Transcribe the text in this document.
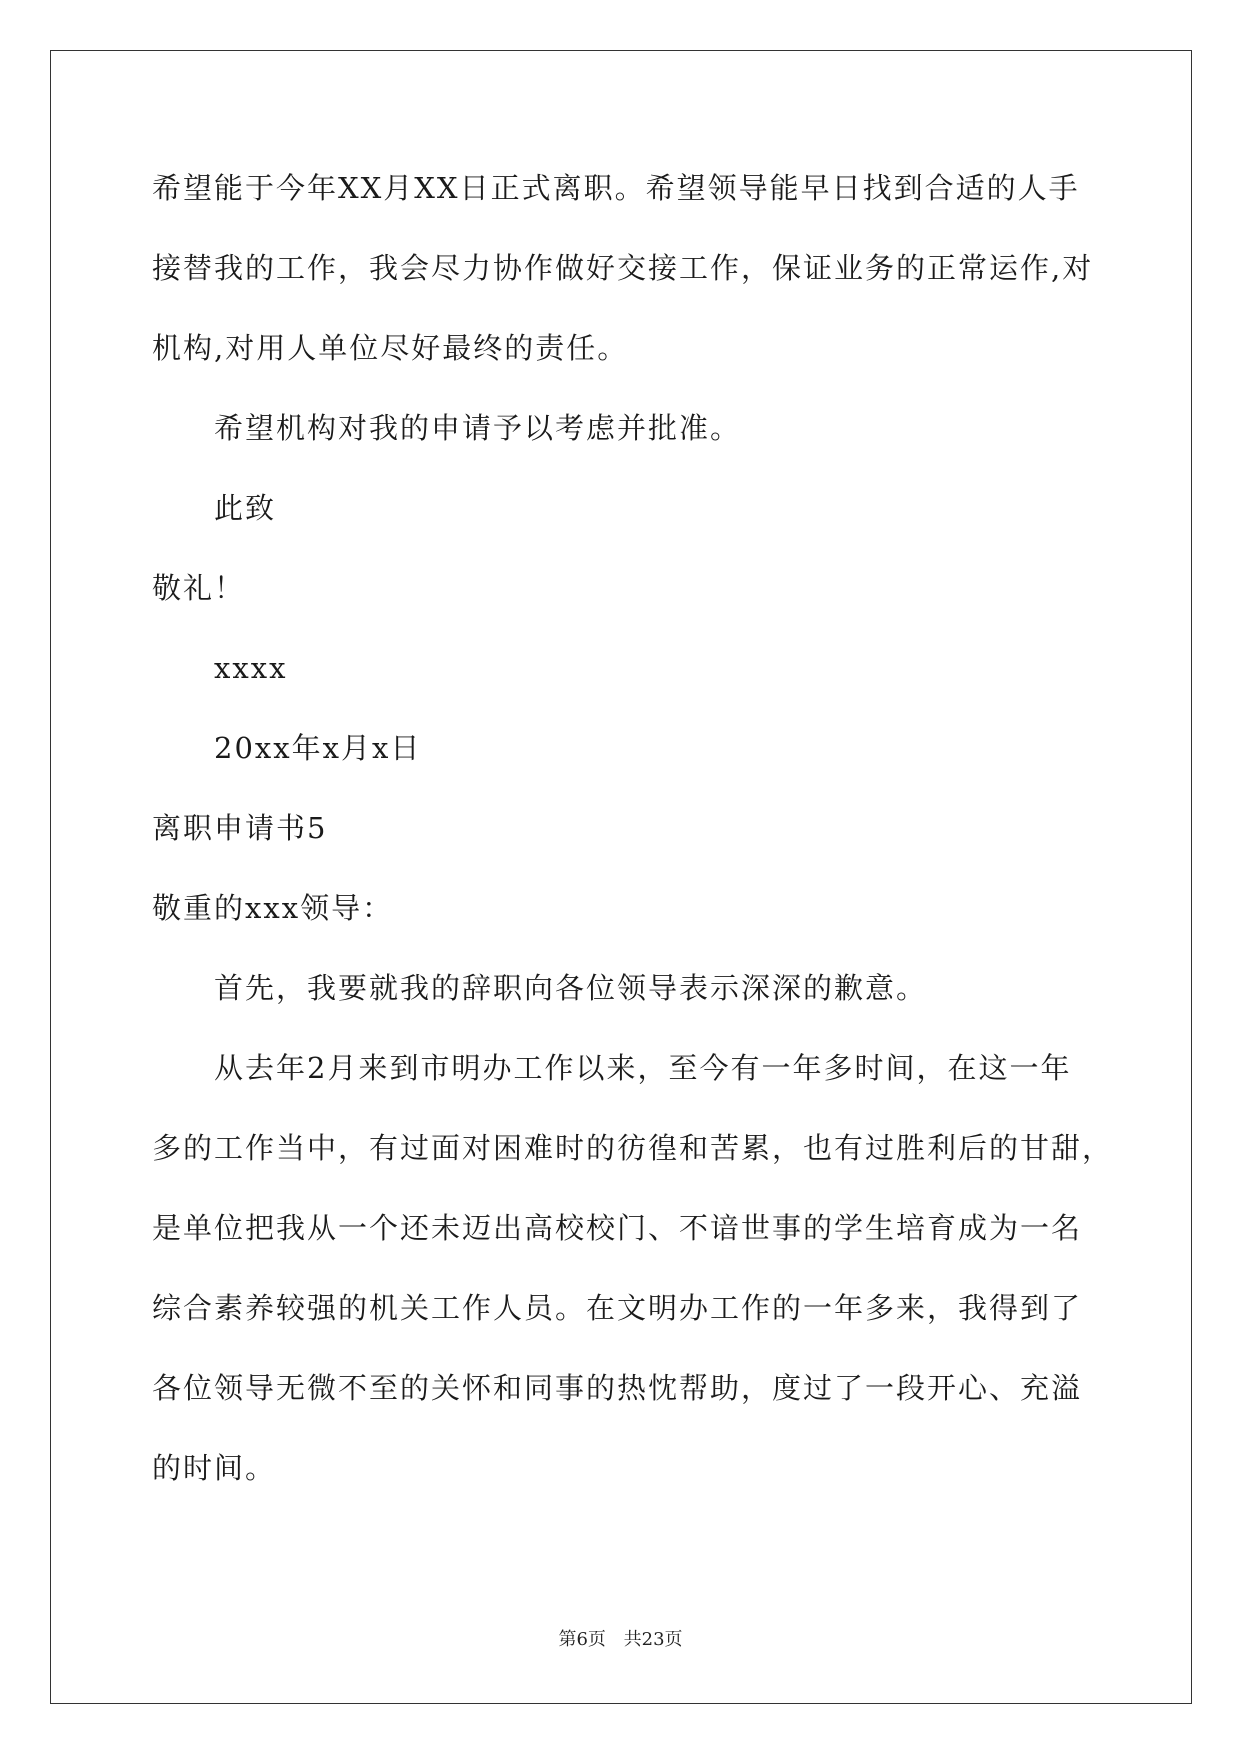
希望能于今年XX月XX日正式离职。希望领导能早日找到合适的人手
接替我的工作，我会尽力协作做好交接工作，保证业务的正常运作,对
机构,对用人单位尽好最终的责任。
希望机构对我的申请予以考虑并批准。
此致
敬礼！
xxxx
20xx年x月x日
离职申请书5
敬重的xxx领导：
首先，我要就我的辞职向各位领导表示深深的歉意。
从去年2月来到市明办工作以来，至今有一年多时间，在这一年
多的工作当中，有过面对困难时的彷徨和苦累，也有过胜利后的甘甜，
是单位把我从一个还未迈出高校校门、不谙世事的学生培育成为一名
综合素养较强的机关工作人员。在文明办工作的一年多来，我得到了
各位领导无微不至的关怀和同事的热忱帮助，度过了一段开心、充溢
的时间。
第6页 共23页
